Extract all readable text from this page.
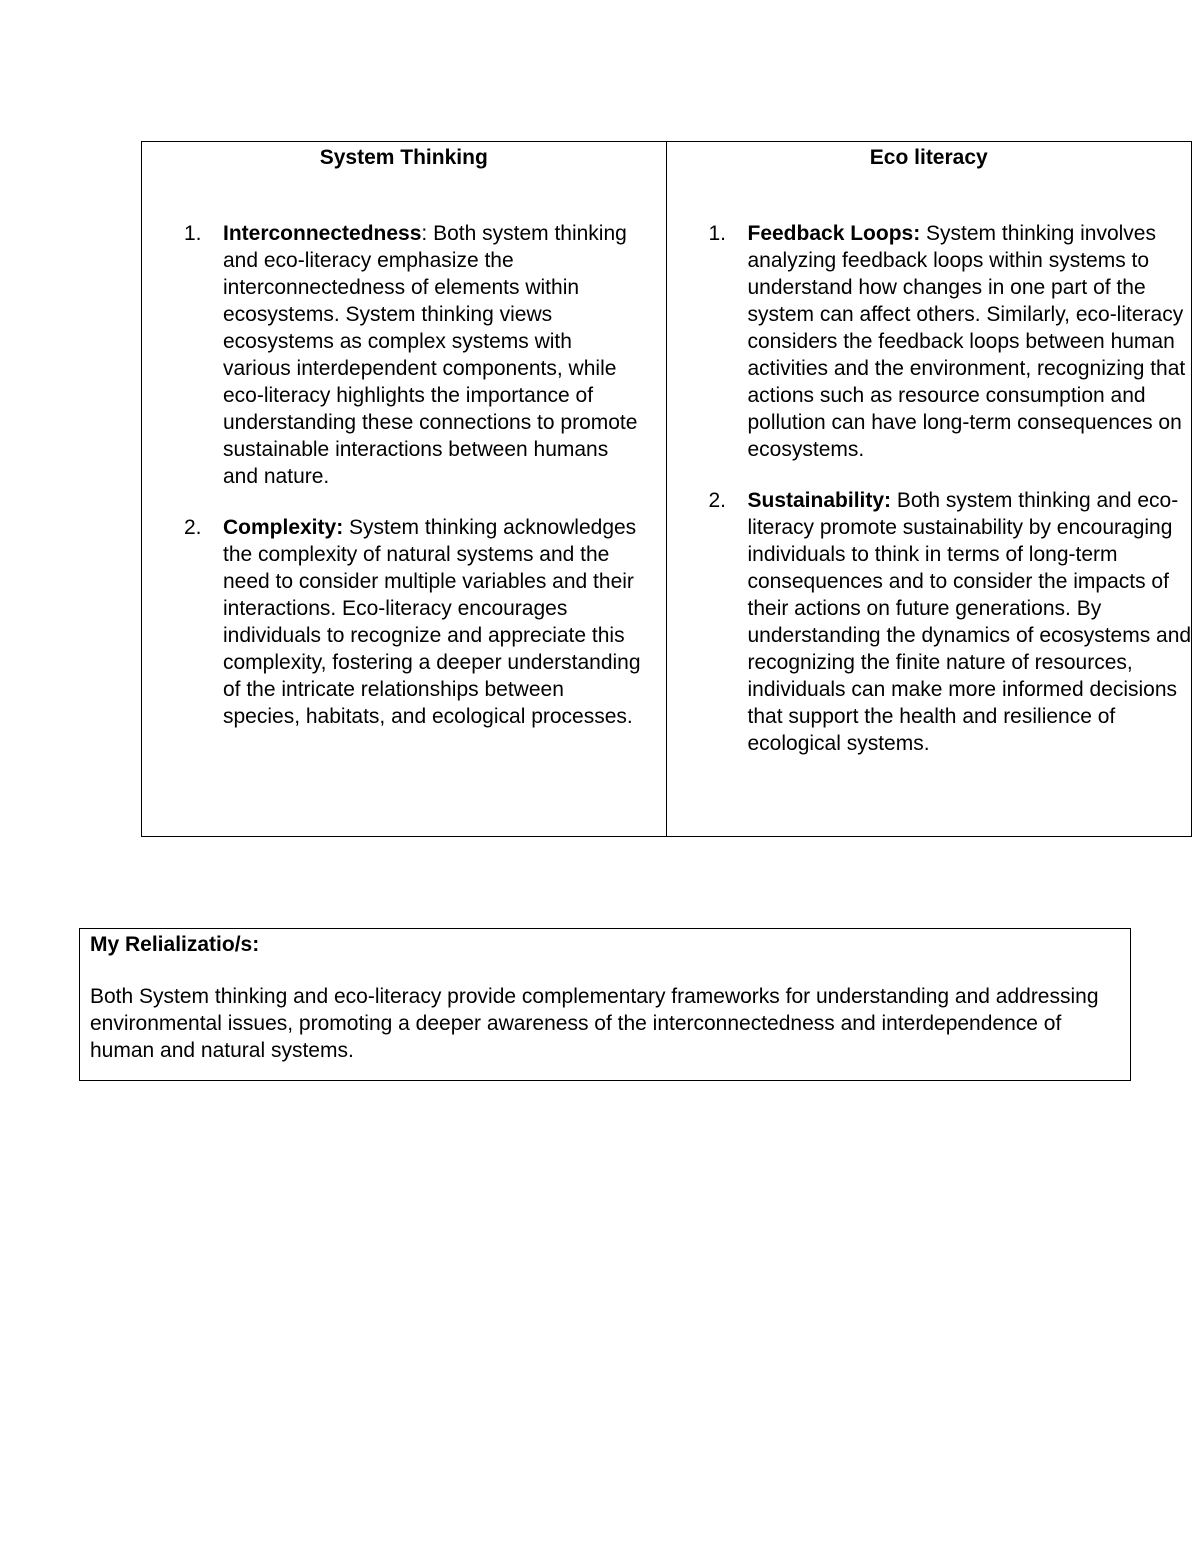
System Thinking
1. Interconnectedness: Both system thinking and eco-literacy emphasize the interconnectedness of elements within ecosystems. System thinking views ecosystems as complex systems with various interdependent components, while eco-literacy highlights the importance of understanding these connections to promote sustainable interactions between humans and nature.
2. Complexity: System thinking acknowledges the complexity of natural systems and the need to consider multiple variables and their interactions. Eco-literacy encourages individuals to recognize and appreciate this complexity, fostering a deeper understanding of the intricate relationships between species, habitats, and ecological processes.
Eco literacy
1. Feedback Loops: System thinking involves analyzing feedback loops within systems to understand how changes in one part of the system can affect others. Similarly, eco-literacy considers the feedback loops between human activities and the environment, recognizing that actions such as resource consumption and pollution can have long-term consequences on ecosystems.
2. Sustainability: Both system thinking and eco-literacy promote sustainability by encouraging individuals to think in terms of long-term consequences and to consider the impacts of their actions on future generations. By understanding the dynamics of ecosystems and recognizing the finite nature of resources, individuals can make more informed decisions that support the health and resilience of ecological systems.

My Relializatio/s:

Both System thinking and eco-literacy provide complementary frameworks for understanding and addressing environmental issues, promoting a deeper awareness of the interconnectedness and interdependence of human and natural systems.
